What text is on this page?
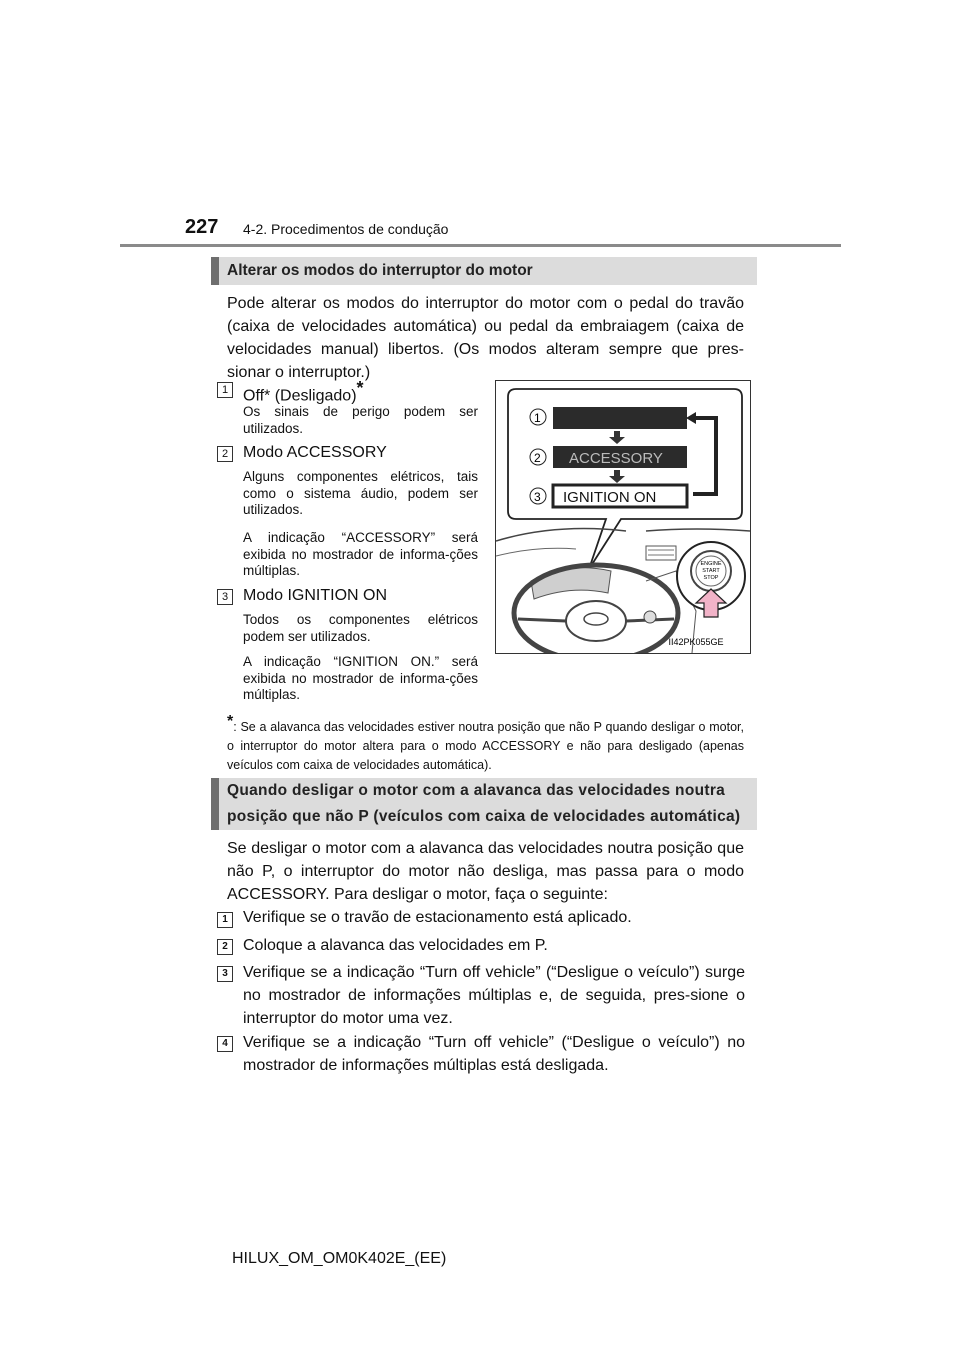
227 4-2. Procedimentos de condução
Alterar os modos do interruptor do motor
Pode alterar os modos do interruptor do motor com o pedal do travão (caixa de velocidades automática) ou pedal da embraiagem (caixa de velocidades manual) libertos. (Os modos alteram sempre que pres-sionar o interruptor.)
1 Off* (Desligado)*
Os sinais de perigo podem ser utilizados.
2 Modo ACCESSORY
Alguns componentes elétricos, tais como o sistema áudio, podem ser utilizados.
A indicação “ACCESSORY” será exibida no mostrador de informa-ções múltiplas.
3 Modo IGNITION ON
Todos os componentes elétricos podem ser utilizados.
A indicação “IGNITION ON.” será exibida no mostrador de informa-ções múltiplas.
ACCESSORY
IGNITION ON
1
2
3
ENGINE
START
STOP
II42PK055GE
*: Se a alavanca das velocidades estiver noutra posição que não P quando desligar o motor, o interruptor do motor altera para o modo ACCESSORY e não para desligado (apenas veículos com caixa de velocidades automática).
Quando desligar o motor com a alavanca das velocidades noutra
posição que não P (veículos com caixa de velocidades automática)
Se desligar o motor com a alavanca das velocidades noutra posição que não P, o interruptor do motor não desliga, mas passa para o modo ACCESSORY. Para desligar o motor, faça o seguinte:
1 Verifique se o travão de estacionamento está aplicado.
2 Coloque a alavanca das velocidades em P.
3 Verifique se a indicação “Turn off vehicle” (“Desligue o veículo”) surge no mostrador de informações múltiplas e, de seguida, pres-sione o interruptor do motor uma vez.
4 Verifique se a indicação “Turn off vehicle” (“Desligue o veículo”) no mostrador de informações múltiplas está desligada.
HILUX_OM_OM0K402E_(EE)
